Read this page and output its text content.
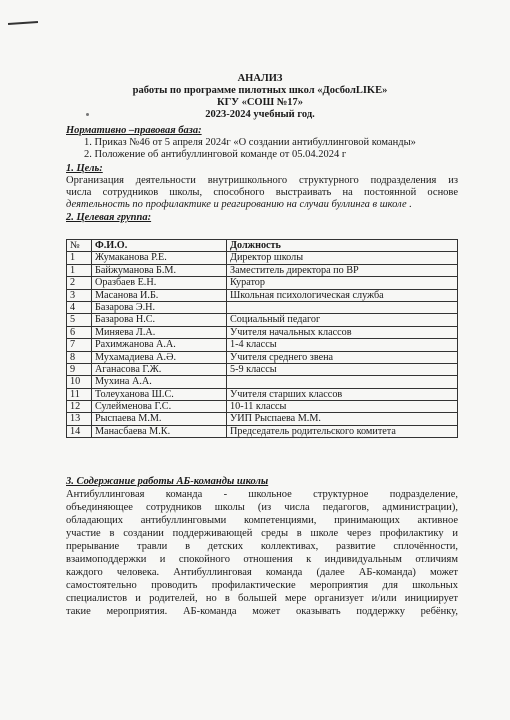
АНАЛИЗ
работы по программе пилотных школ «ДосболLIKE»
КГУ «СОШ №17»
2023-2024 учебный год.
Нормативно –правовая база:
1. Приказ №46 от 5 апреля 2024г «О создании антибуллинговой команды»
2. Положение об антибуллинговой команде от 05.04.2024 г
1. Цель:
Организация деятельности внутришкольного структурного подразделения из
числа сотрудников школы, способного выстраивать на постоянной основе
деятельность по профилактике и реагированию на случаи буллинга в школе .
2. Целевая группа:
№	Ф.И.О.	Должность
1	Жумаканова Р.Е.	Директор школы
1	Байжуманова Б.М.	Заместитель директора по ВР
2	Оразбаев Е.Н.	Куратор
3	Масанова И.Б.	Школьная психологическая служба
4	Базарова Э.Н.	
5	Базарова Н.С.	Социальный педагог
6	Миняева Л.А.	Учителя начальных классов
7	Рахимжанова А.А.	1-4 классы
8	Мухамадиева А.Ә.	Учителя среднего звена
9	Аганасова Г.Ж.	5-9 классы
10	Мухина А.А.	
11	Толеуханова Ш.С.	Учителя старших классов
12	Сулейменова Г.С.	10-11 классы
13	Рыспаева М.М.	УИП Рыспаева М.М.
14	Манасбаева М.К.	Председатель родительского комитета
3. Содержание работы АБ-команды школы
Антибуллинговая команда - школьное структурное подразделение,
объединяющее сотрудников школы (из числа педагогов, администрации),
обладающих антибуллинговыми компетенциями, принимающих активное
участие в создании поддерживающей среды в школе через профилактику и
прерывание травли в детских коллективах, развитие сплочённости,
взаимоподдержки и спокойного отношения к индивидуальным отличиям
каждого человека. Антибуллинговая команда (далее АБ-команда) может
самостоятельно проводить профилактические мероприятия для школьных
специалистов и родителей, но в большей мере организует и/или инициирует
такие мероприятия. АБ-команда может оказывать поддержку ребёнку,
